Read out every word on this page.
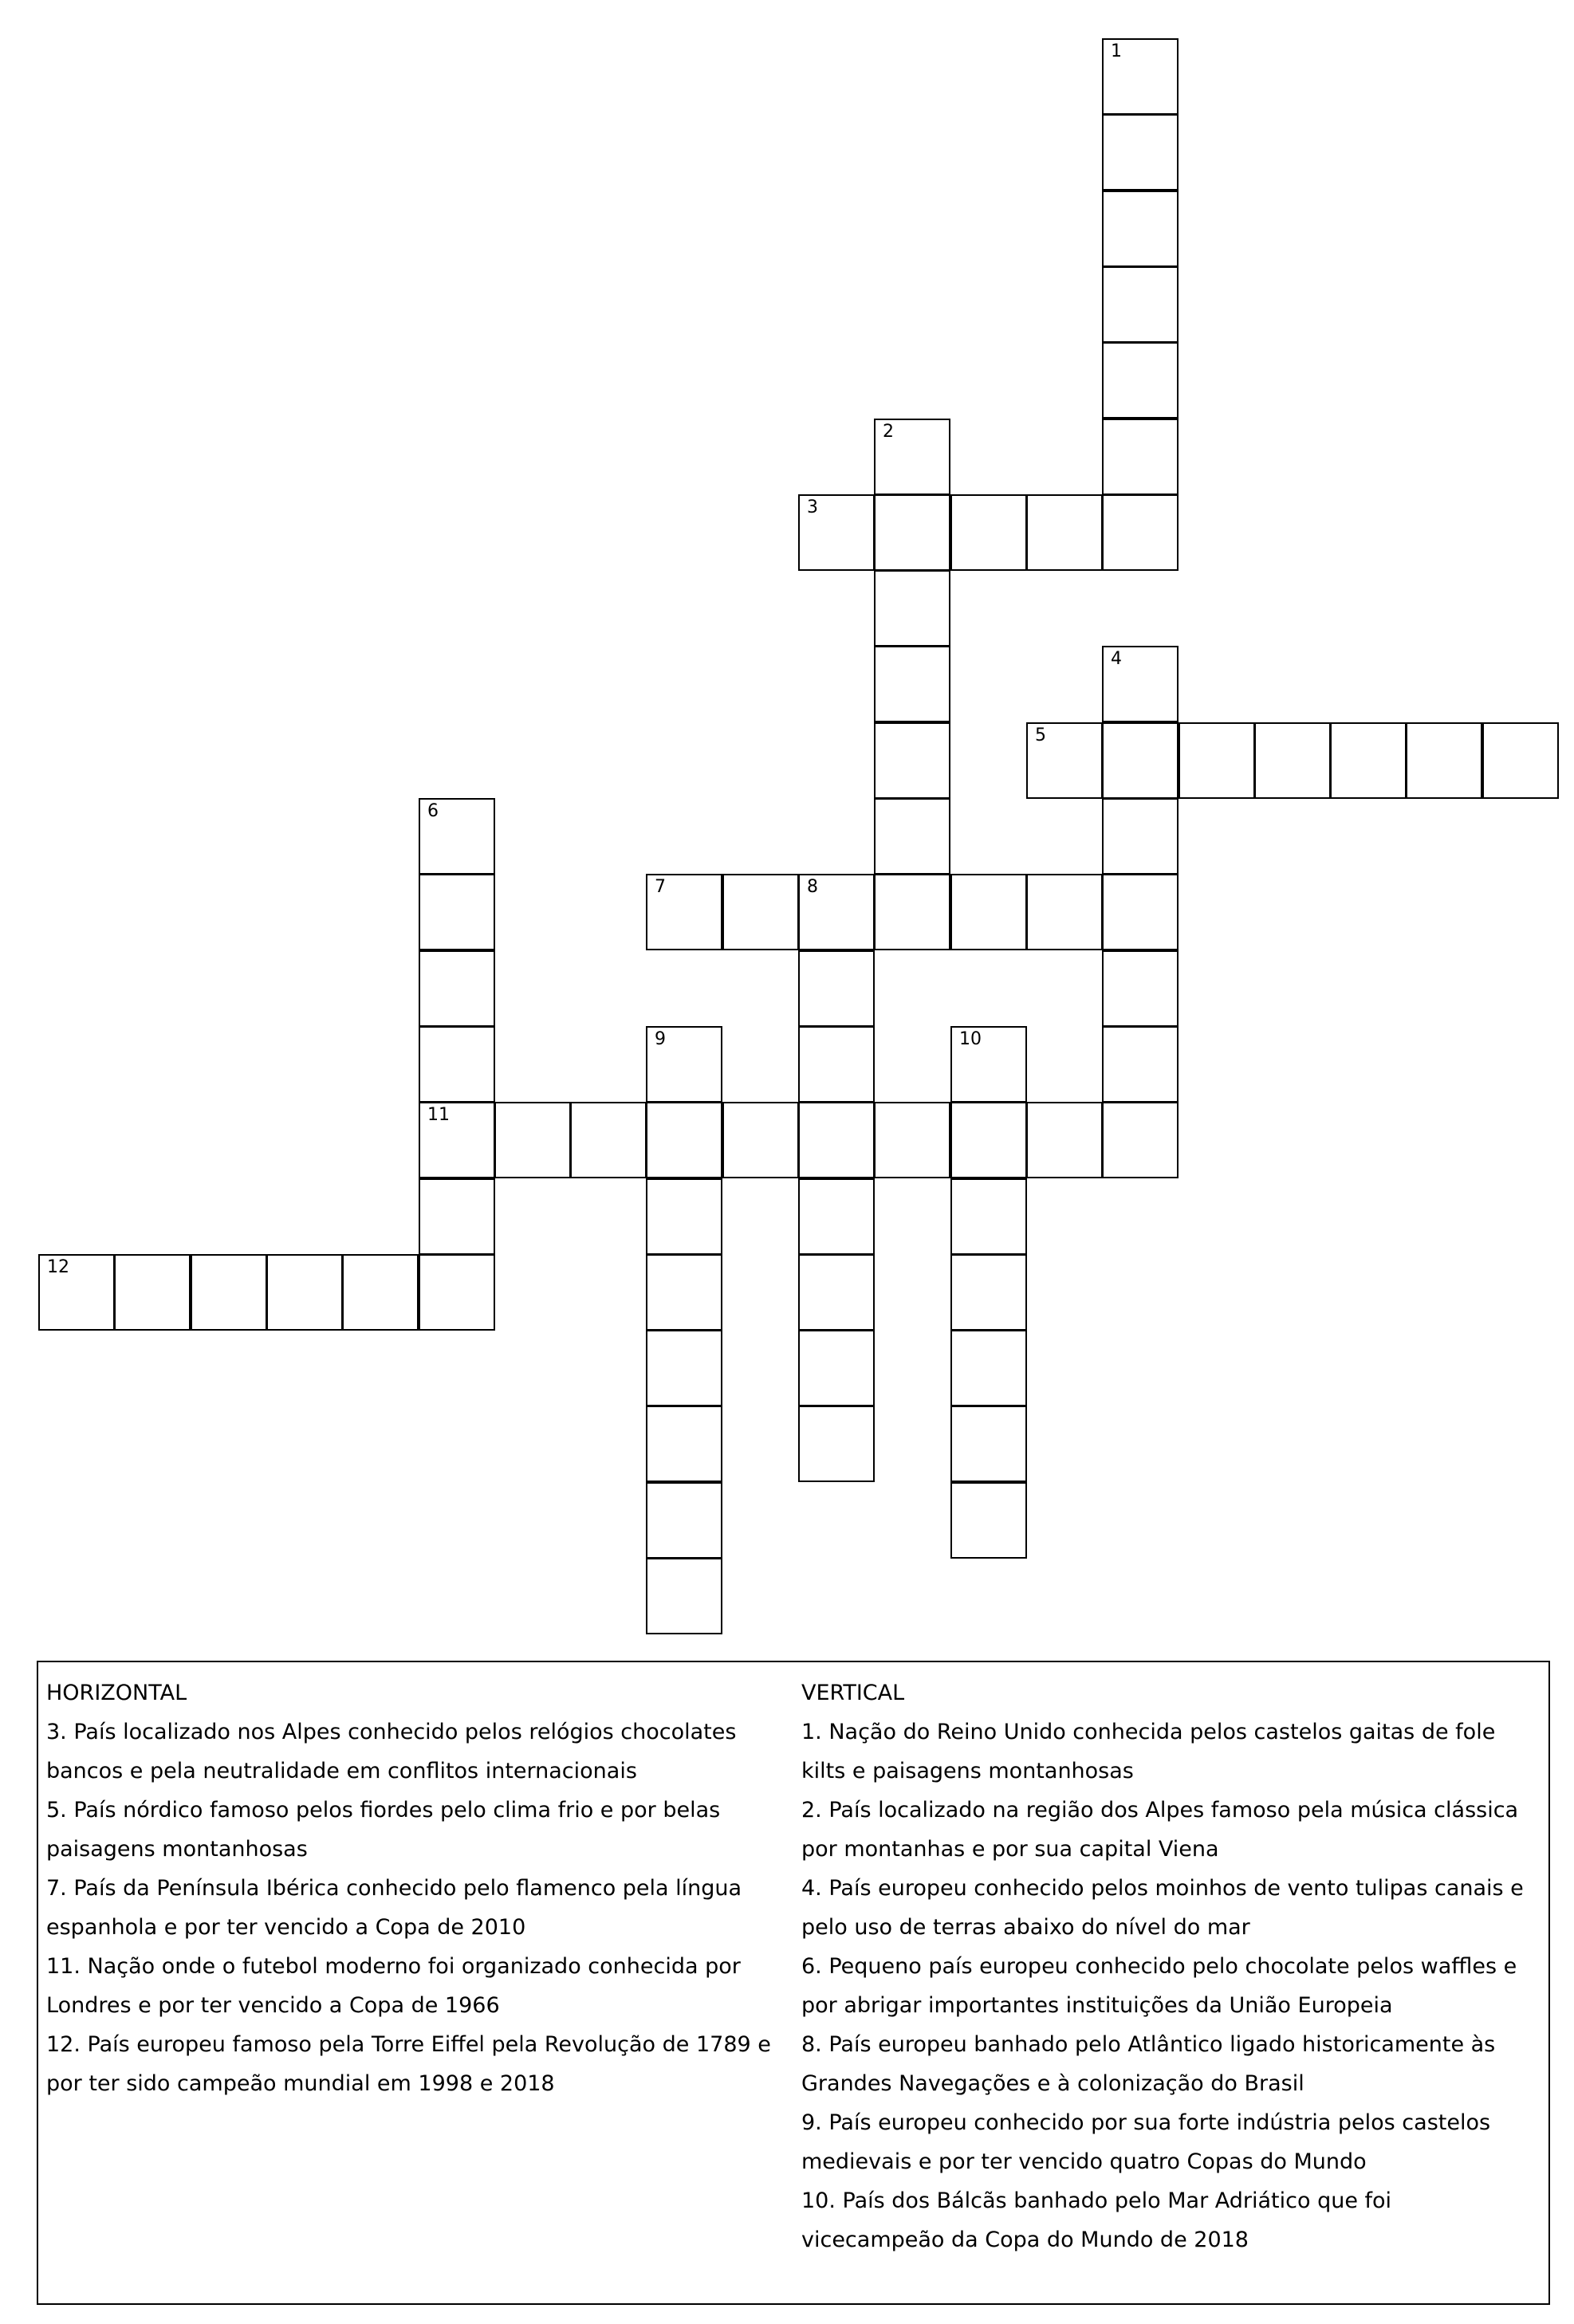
1
2
3
4
5
6
11
7	8
9	10
12
HORIZONTAL
3. País localizado nos Alpes conhecido pelos relógios chocolates bancos e pela neutralidade em conflitos internacionais
5. País nórdico famoso pelos fiordes pelo clima frio e por belas paisagens montanhosas
7. País da Península Ibérica conhecido pelo flamenco pela língua espanhola e por ter vencido a Copa de 2010
11. Nação onde o futebol moderno foi organizado conhecida por Londres e por ter vencido a Copa de 1966
12. País europeu famoso pela Torre Eiffel pela Revolução de 1789 e por ter sido campeão mundial em 1998 e 2018
VERTICAL
1. Nação do Reino Unido conhecida pelos castelos gaitas de fole kilts e paisagens montanhosas
2. País localizado na região dos Alpes famoso pela música clássica por montanhas e por sua capital Viena
4. País europeu conhecido pelos moinhos de vento tulipas canais e pelo uso de terras abaixo do nível do mar
6. Pequeno país europeu conhecido pelo chocolate pelos waffles e por abrigar importantes instituições da União Europeia
8. País europeu banhado pelo Atlântico ligado historicamente às Grandes Navegações e à colonização do Brasil
9. País europeu conhecido por sua forte indústria pelos castelos medievais e por ter vencido quatro Copas do Mundo
10. País dos Bálcãs banhado pelo Mar Adriático que foi vicecampeão da Copa do Mundo de 2018
